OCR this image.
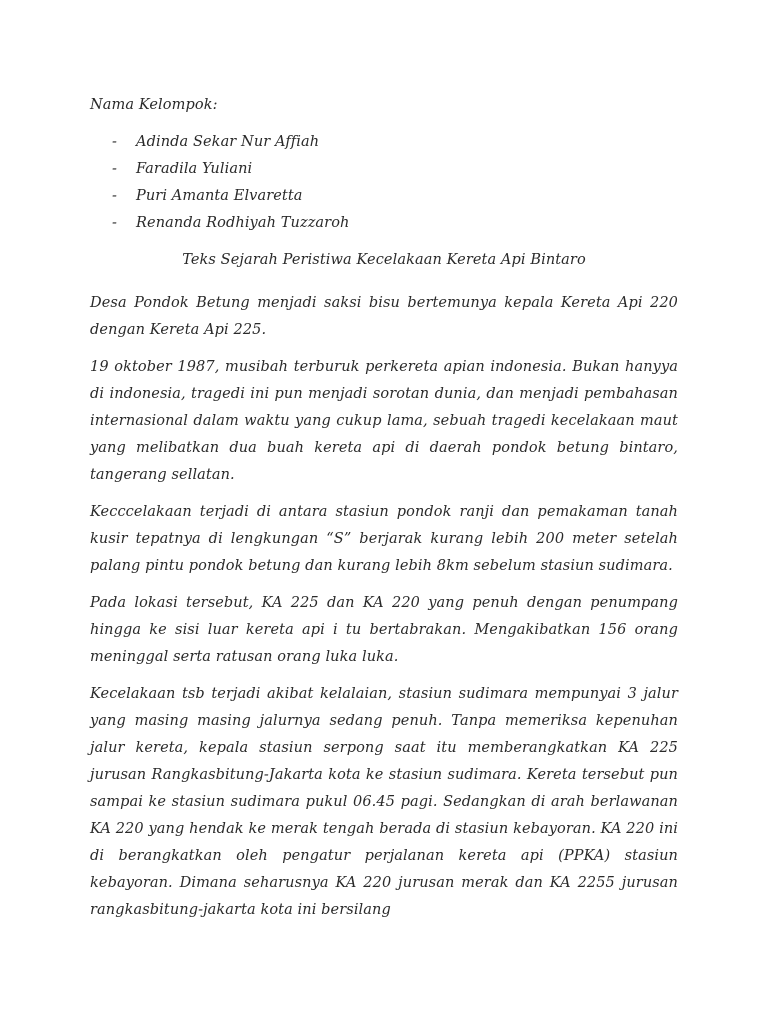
Nama Kelompok:
- Adinda Sekar Nur Affiah
- Faradila Yuliani
- Puri Amanta Elvaretta
- Renanda Rodhiyah Tuzzaroh
Teks Sejarah Peristiwa Kecelakaan Kereta Api Bintaro

Desa Pondok Betung menjadi saksi bisu bertemunya kepala Kereta Api 220 dengan Kereta Api 225.

19 oktober 1987, musibah terburuk perkereta apian indonesia. Bukan hanyya di indonesia, tragedi ini pun menjadi sorotan dunia, dan menjadi pembahasan internasional dalam waktu yang cukup lama, sebuah tragedi kecelakaan maut yang melibatkan dua buah kereta api di daerah pondok betung bintaro, tangerang sellatan.

Kecccelakaan terjadi di antara stasiun pondok ranji dan pemakaman tanah kusir tepatnya di lengkungan “S” berjarak kurang lebih 200 meter setelah palang pintu pondok betung dan kurang lebih 8km sebelum stasiun sudimara.

Pada lokasi tersebut, KA 225 dan KA 220 yang penuh dengan penumpang hingga ke sisi luar kereta api i tu bertabrakan. Mengakibatkan 156 orang meninggal serta ratusan orang luka luka.

Kecelakaan tsb terjadi akibat kelalaian, stasiun sudimara mempunyai 3 jalur yang masing masing jalurnya sedang penuh. Tanpa memeriksa kepenuhan jalur kereta, kepala stasiun serpong saat itu memberangkatkan KA 225 jurusan Rangkasbitung-Jakarta kota ke stasiun sudimara. Kereta tersebut pun sampai ke stasiun sudimara pukul 06.45 pagi. Sedangkan di arah berlawanan KA 220 yang hendak ke merak tengah berada di stasiun kebayoran. KA 220 ini di berangkatkan oleh pengatur perjalanan kereta api (PPKA) stasiun kebayoran. Dimana seharusnya KA 220 jurusan merak dan KA 2255 jurusan rangkasbitung-jakarta kota ini bersilang
